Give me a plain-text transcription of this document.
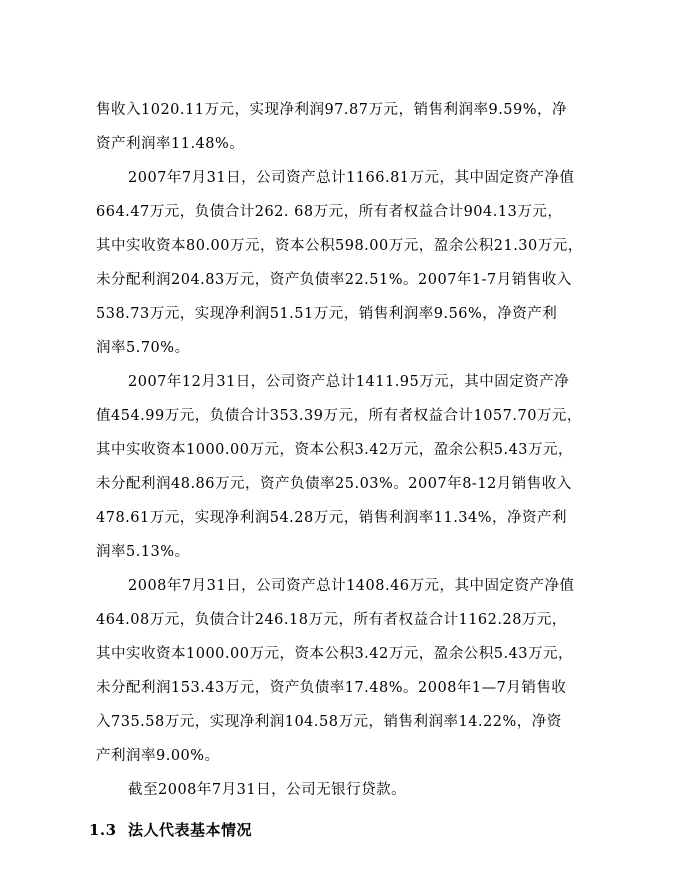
售收入1020.11万元，实现净利润97.87万元，销售利润率9.59%，净
资产利润率11.48%。
2007年7月31日，公司资产总计1166.81万元，其中固定资产净值
664.47万元，负债合计262. 68万元，所有者权益合计904.13万元，
其中实收资本80.00万元，资本公积598.00万元，盈余公积21.30万元，
未分配利润204.83万元，资产负债率22.51%。2007年1-7月销售收入
538.73万元，实现净利润51.51万元，销售利润率9.56%，净资产利
润率5.70%。
2007年12月31日，公司资产总计1411.95万元，其中固定资产净
值454.99万元，负债合计353.39万元，所有者权益合计1057.70万元，
其中实收资本1000.00万元，资本公积3.42万元，盈余公积5.43万元，
未分配利润48.86万元，资产负债率25.03%。2007年8-12月销售收入
478.61万元，实现净利润54.28万元，销售利润率11.34%，净资产利
润率5.13%。
2008年7月31日，公司资产总计1408.46万元，其中固定资产净值
464.08万元，负债合计246.18万元，所有者权益合计1162.28万元，
其中实收资本1000.00万元，资本公积3.42万元，盈余公积5.43万元，
未分配利润153.43万元，资产负债率17.48%。2008年1—7月销售收
入735.58万元，实现净利润104.58万元，销售利润率14.22%，净资
产利润率9.00%。
截至2008年7月31日，公司无银行贷款。
1.3  法人代表基本情况
